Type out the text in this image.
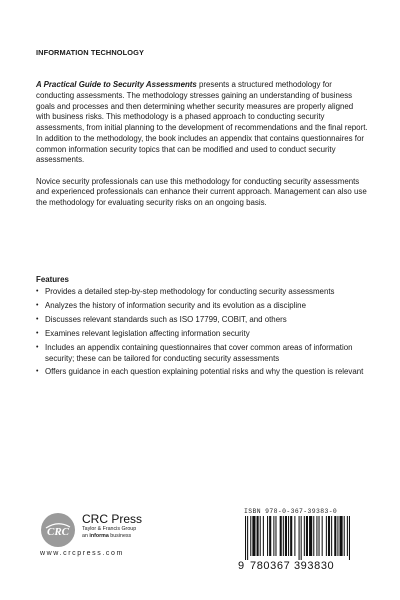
INFORMATION TECHNOLOGY

A Practical Guide to Security Assessments presents a structured methodology for conducting assessments. The methodology stresses gaining an understanding of business goals and processes and then determining whether security measures are properly aligned with business risks. This methodology is a phased approach to conducting security assessments, from initial planning to the development of recommendations and the final report. In addition to the methodology, the book includes an appendix that contains questionnaires for common information security topics that can be modified and used to conduct security assessments.

Novice security professionals can use this methodology for conducting security assessments and experienced professionals can enhance their current approach. Management can also use the methodology for evaluating security risks on an ongoing basis.

Features
• Provides a detailed step-by-step methodology for conducting security assessments
• Analyzes the history of information security and its evolution as a discipline
• Discusses relevant standards such as ISO 17799, COBIT, and others
• Examines relevant legislation affecting information security
• Includes an appendix containing questionnaires that cover common areas of information security; these can be tailored for conducting security assessments
• Offers guidance in each question explaining potential risks and why the question is relevant
CRC
CRC Press
Taylor & Francis Group
an informa business
www.crcpress.com
ISBN 978-0-367-39383-0
9 780367 393830
